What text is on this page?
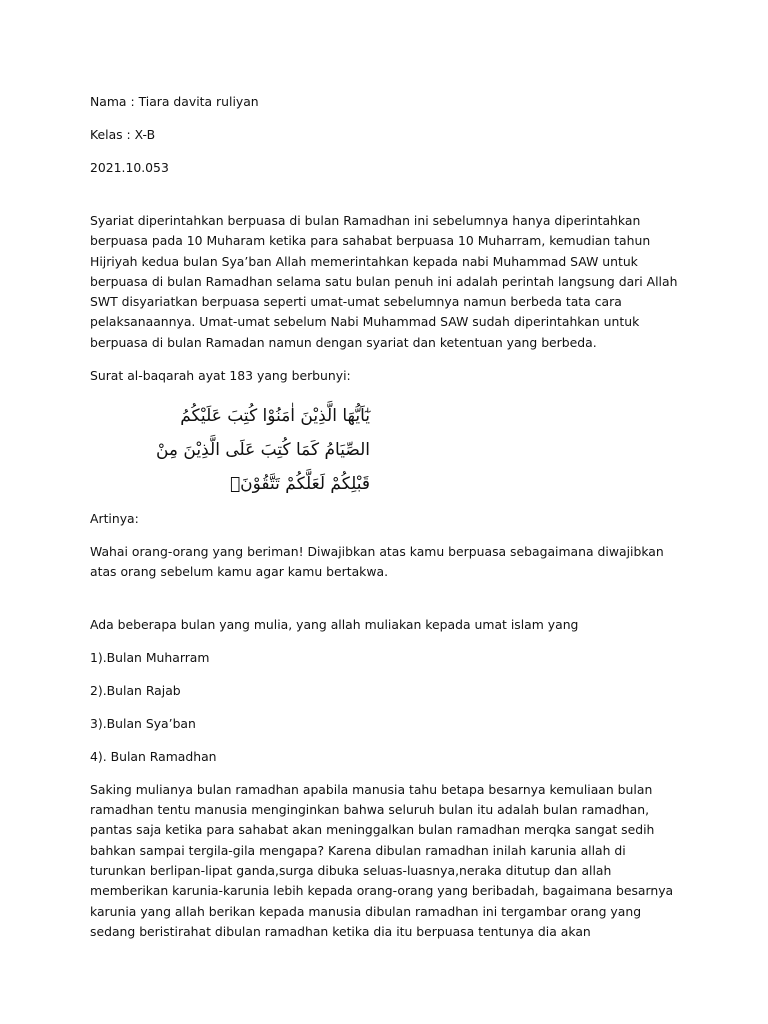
Nama : Tiara davita ruliyan

Kelas : X-B

2021.10.053

Syariat diperintahkan berpuasa di bulan Ramadhan ini sebelumnya hanya diperintahkan berpuasa pada 10 Muharam ketika para sahabat berpuasa 10 Muharram, kemudian tahun Hijriyah kedua bulan Sya’ban Allah memerintahkan kepada nabi Muhammad SAW untuk berpuasa di bulan Ramadhan selama satu bulan penuh ini adalah perintah langsung dari Allah SWT disyariatkan berpuasa seperti umat-umat sebelumnya namun berbeda tata cara pelaksanaannya. Umat-umat sebelum Nabi Muhammad SAW sudah diperintahkan untuk berpuasa di bulan Ramadan namun dengan syariat dan ketentuan yang berbeda.

Surat al-baqarah ayat 183 yang berbunyi:

يٰٓاَيُّهَا الَّذِيْنَ اٰمَنُوْا كُتِبَ عَلَيْكُمُ
الصِّيَامُ كَمَا كُتِبَ عَلَى الَّذِيْنَ مِنْ
قَبْلِكُمْ لَعَلَّكُمْ تَتَّقُوْنَۙ

Artinya:

Wahai orang-orang yang beriman! Diwajibkan atas kamu berpuasa sebagaimana diwajibkan atas orang sebelum kamu agar kamu bertakwa.

Ada beberapa bulan yang mulia, yang allah muliakan kepada umat islam yang

1).Bulan Muharram

2).Bulan Rajab

3).Bulan Sya’ban

4). Bulan Ramadhan

Saking mulianya bulan ramadhan apabila manusia tahu betapa besarnya kemuliaan bulan ramadhan tentu manusia menginginkan bahwa seluruh bulan itu adalah bulan ramadhan, pantas saja ketika para sahabat akan meninggalkan bulan ramadhan merqka sangat sedih bahkan sampai tergila-gila mengapa? Karena dibulan ramadhan inilah karunia allah di turunkan berlipan-lipat ganda,surga dibuka seluas-luasnya,neraka ditutup dan allah memberikan karunia-karunia lebih kepada orang-orang yang beribadah, bagaimana besarnya karunia yang allah berikan kepada manusia dibulan ramadhan ini tergambar orang yang sedang beristirahat dibulan ramadhan ketika dia itu berpuasa tentunya dia akan
